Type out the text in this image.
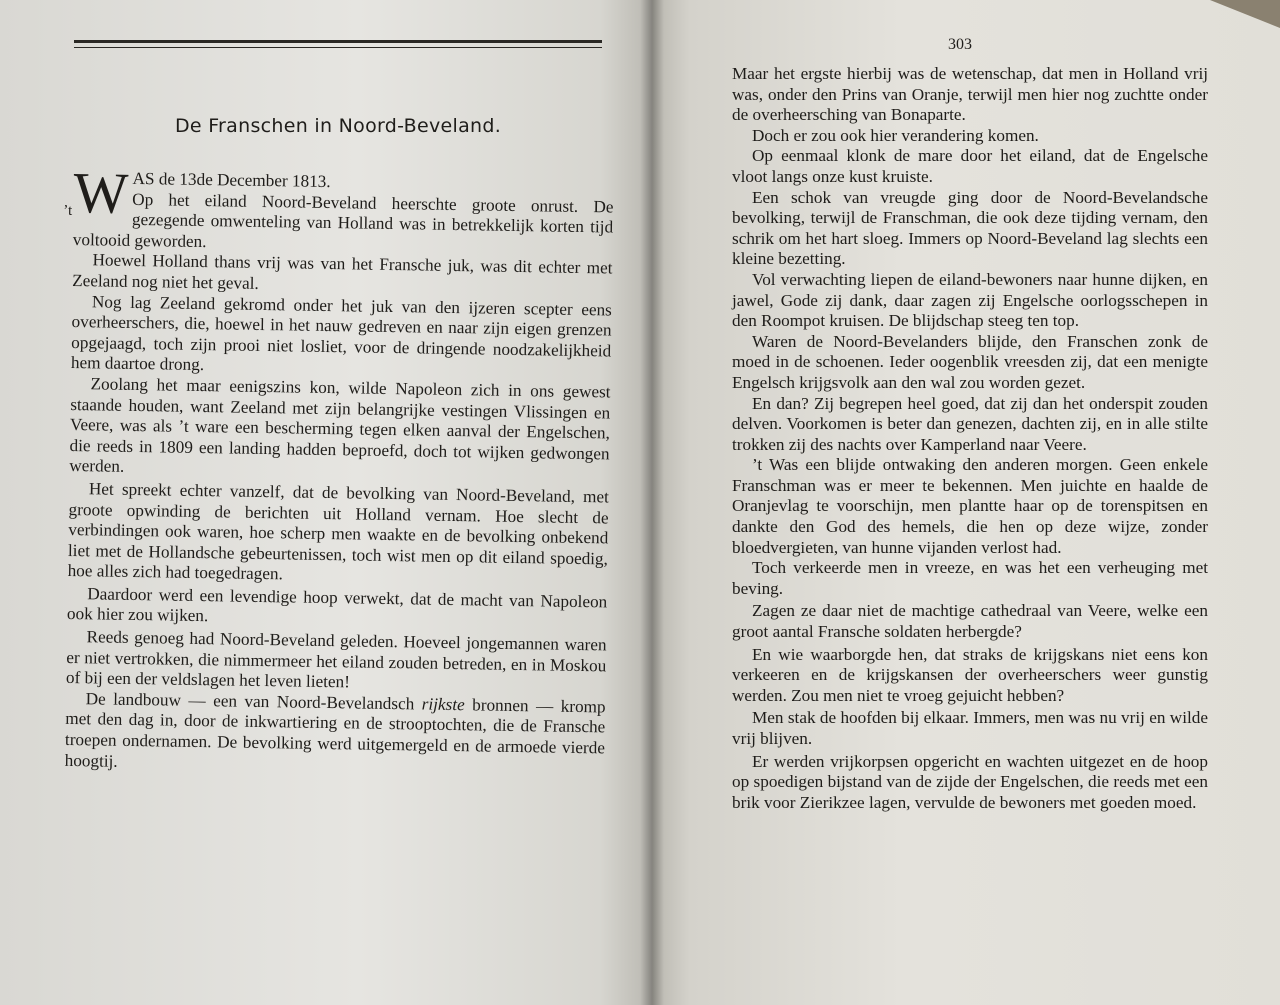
De Franschen in Noord-Beveland.

’t W AS de 13de December 1813.
Op het eiland Noord-Beveland heerschte groote onrust. De gezegende omwenteling van Holland was in betrekkelijk korten tijd voltooid geworden.

Hoewel Holland thans vrij was van het Fransche juk, was dit echter met Zeeland nog niet het geval.

Nog lag Zeeland gekromd onder het juk van den ijzeren scepter eens overheerschers, die, hoewel in het nauw gedreven en naar zijn eigen grenzen opgejaagd, toch zijn prooi niet losliet, voor de dringende noodzakelijkheid hem daartoe drong.

Zoolang het maar eenigszins kon, wilde Napoleon zich in ons gewest staande houden, want Zeeland met zijn belangrijke vestingen Vlissingen en Veere, was als ’t ware een bescherming tegen elken aanval der Engelschen, die reeds in 1809 een landing hadden beproefd, doch tot wijken gedwongen werden.

Het spreekt echter vanzelf, dat de bevolking van Noord-Beveland, met groote opwinding de berichten uit Holland vernam. Hoe slecht de verbindingen ook waren, hoe scherp men waakte en de bevolking onbekend liet met de Hollandsche gebeurtenissen, toch wist men op dit eiland spoedig, hoe alles zich had toegedragen.

Daardoor werd een levendige hoop verwekt, dat de macht van Napoleon ook hier zou wijken.

Reeds genoeg had Noord-Beveland geleden. Hoeveel jongemannen waren er niet vertrokken, die nimmermeer het eiland zouden betreden, en in Moskou of bij een der veldslagen het leven lieten!

De landbouw — een van Noord-Bevelandsch rijkste bronnen — kromp met den dag in, door de inkwartiering en de strooptochten, die de Fransche troepen ondernamen. De bevolking werd uitgemergeld en de armoede vierde hoogtij.

303

Maar het ergste hierbij was de wetenschap, dat men in Holland vrij was, onder den Prins van Oranje, terwijl men hier nog zuchtte onder de overheersching van Bonaparte.

Doch er zou ook hier verandering komen.

Op eenmaal klonk de mare door het eiland, dat de Engelsche vloot langs onze kust kruiste.

Een schok van vreugde ging door de Noord-Bevelandsche bevolking, terwijl de Franschman, die ook deze tijding vernam, den schrik om het hart sloeg. Immers op Noord-Beveland lag slechts een kleine bezetting.

Vol verwachting liepen de eiland-bewoners naar hunne dijken, en jawel, Gode zij dank, daar zagen zij Engelsche oorlogsschepen in den Roompot kruisen. De blijdschap steeg ten top.

Waren de Noord-Bevelanders blijde, den Franschen zonk de moed in de schoenen. Ieder oogenblik vreesden zij, dat een menigte Engelsch krijgsvolk aan den wal zou worden gezet.

En dan? Zij begrepen heel goed, dat zij dan het onderspit zouden delven. Voorkomen is beter dan genezen, dachten zij, en in alle stilte trokken zij des nachts over Kamperland naar Veere.

’t Was een blijde ontwaking den anderen morgen. Geen enkele Franschman was er meer te bekennen. Men juichte en haalde de Oranjevlag te voorschijn, men plantte haar op de torenspitsen en dankte den God des hemels, die hen op deze wijze, zonder bloedvergieten, van hunne vijanden verlost had.

Toch verkeerde men in vreeze, en was het een verheuging met beving.

Zagen ze daar niet de machtige cathedraal van Veere, welke een groot aantal Fransche soldaten herbergde?

En wie waarborgde hen, dat straks de krijgskans niet eens kon verkeeren en de krijgskansen der overheerschers weer gunstig werden. Zou men niet te vroeg gejuicht hebben?

Men stak de hoofden bij elkaar. Immers, men was nu vrij en wilde vrij blijven.

Er werden vrijkorpsen opgericht en wachten uitgezet en de hoop op spoedigen bijstand van de zijde der Engelschen, die reeds met een brik voor Zierikzee lagen, vervulde de bewoners met goeden moed.
